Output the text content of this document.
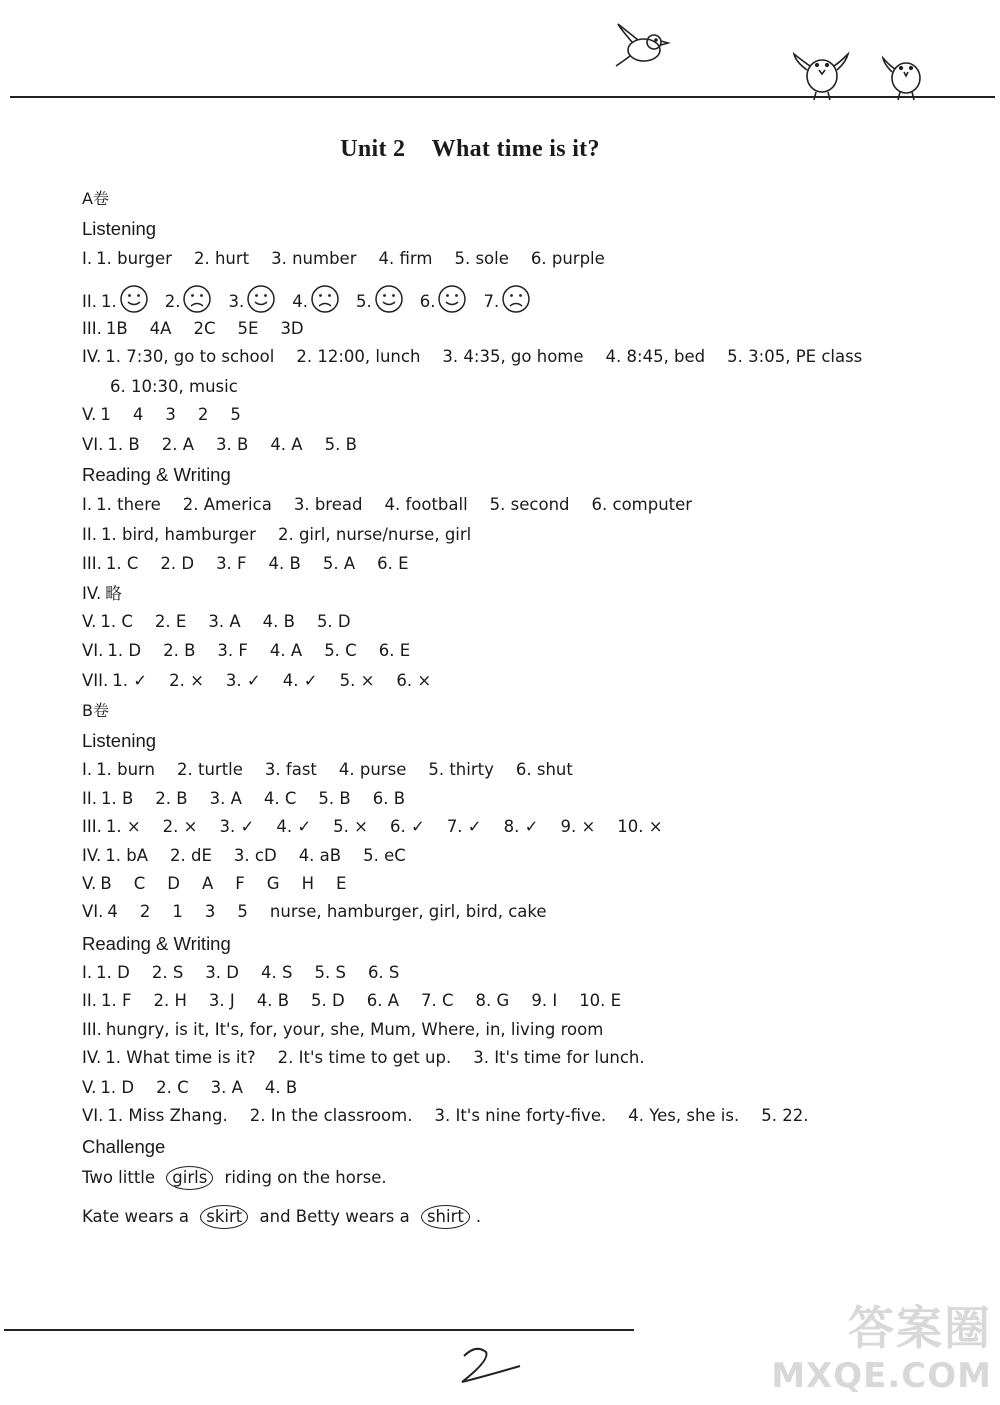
Unit 2 What time is it?
A卷
Listening
I. 1. burger 2. hurt 3. number 4. firm 5. sole 6. purple
II. 1.	2.	3.	4.	5.	6.	7.
III. 1B 4A 2C 5E 3D
IV. 1. 7:30, go to school 2. 12:00, lunch 3. 4:35, go home 4. 8:45, bed 5. 3:05, PE class
6. 10:30, music
V. 1 4 3 2 5
VI. 1. B 2. A 3. B 4. A 5. B
Reading & Writing
I. 1. there 2. America 3. bread 4. football 5. second 6. computer
II. 1. bird, hamburger 2. girl, nurse/nurse, girl
III. 1. C 2. D 3. F 4. B 5. A 6. E
IV. 略
V. 1. C 2. E 3. A 4. B 5. D
VI. 1. D 2. B 3. F 4. A 5. C 6. E
VII. 1. ✓ 2. × 3. ✓ 4. ✓ 5. × 6. ×
B卷
Listening
I. 1. burn 2. turtle 3. fast 4. purse 5. thirty 6. shut
II. 1. B 2. B 3. A 4. C 5. B 6. B
III. 1. × 2. × 3. ✓ 4. ✓ 5. × 6. ✓ 7. ✓ 8. ✓ 9. × 10. ×
IV. 1. bA 2. dE 3. cD 4. aB 5. eC
V. B C D A F G H E
VI. 4 2 1 3 5 nurse, hamburger, girl, bird, cake
Reading & Writing
I. 1. D 2. S 3. D 4. S 5. S 6. S
II. 1. F 2. H 3. J 4. B 5. D 6. A 7. C 8. G 9. I 10. E
III. hungry, is it, It's, for, your, she, Mum, Where, in, living room
IV. 1. What time is it? 2. It's time to get up. 3. It's time for lunch.
V. 1. D 2. C 3. A 4. B
VI. 1. Miss Zhang. 2. In the classroom. 3. It's nine forty-five. 4. Yes, she is. 5. 22.
Challenge
Two little girls riding on the horse.
Kate wears a skirt and Betty wears a shirt .
答案圈
MXQE.COM
